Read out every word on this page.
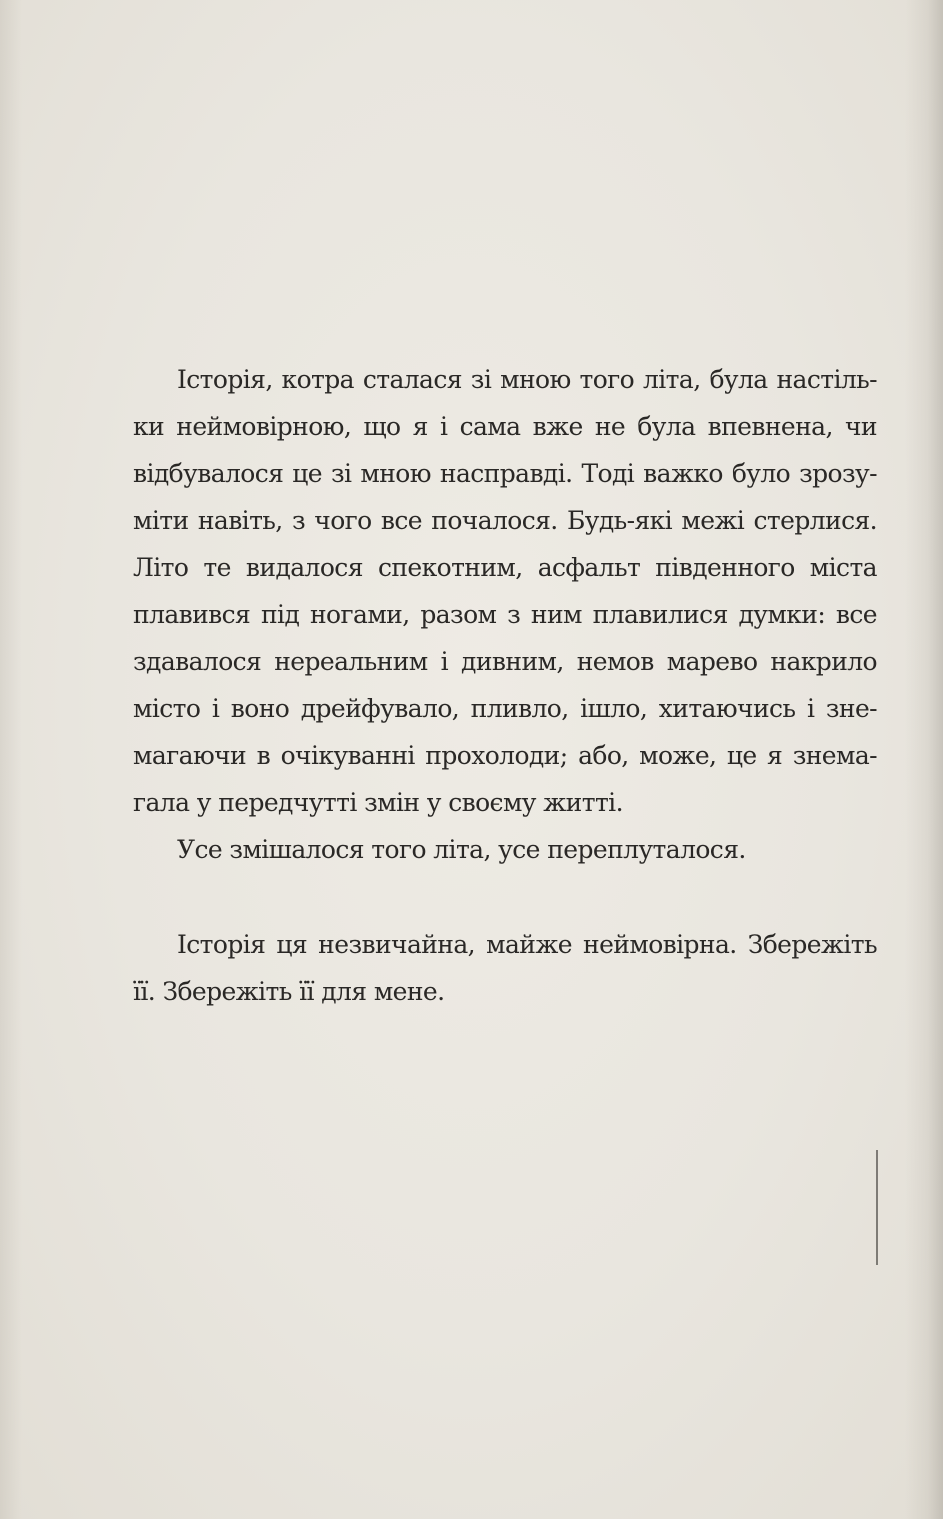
Історія, котра сталася зі мною того літа, була настіль-
ки неймовірною, що я і сама вже не була впевнена, чи
відбувалося це зі мною насправді. Тоді важко було зрозу-
міти навіть, з чого все почалося. Будь-які межі стерлися.
Літо те видалося спекотним, асфальт південного міста
плавився під ногами, разом з ним плавилися думки: все
здавалося нереальним і дивним, немов марево накрило
місто і воно дрейфувало, пливло, ішло, хитаючись і зне-
магаючи в очікуванні прохолоди; або, може, це я знема-
гала у передчутті змін у своєму житті.
Усе змішалося того літа, усе переплуталося.
Історія ця незвичайна, майже неймовірна. Збережіть
її. Збережіть її для мене.
